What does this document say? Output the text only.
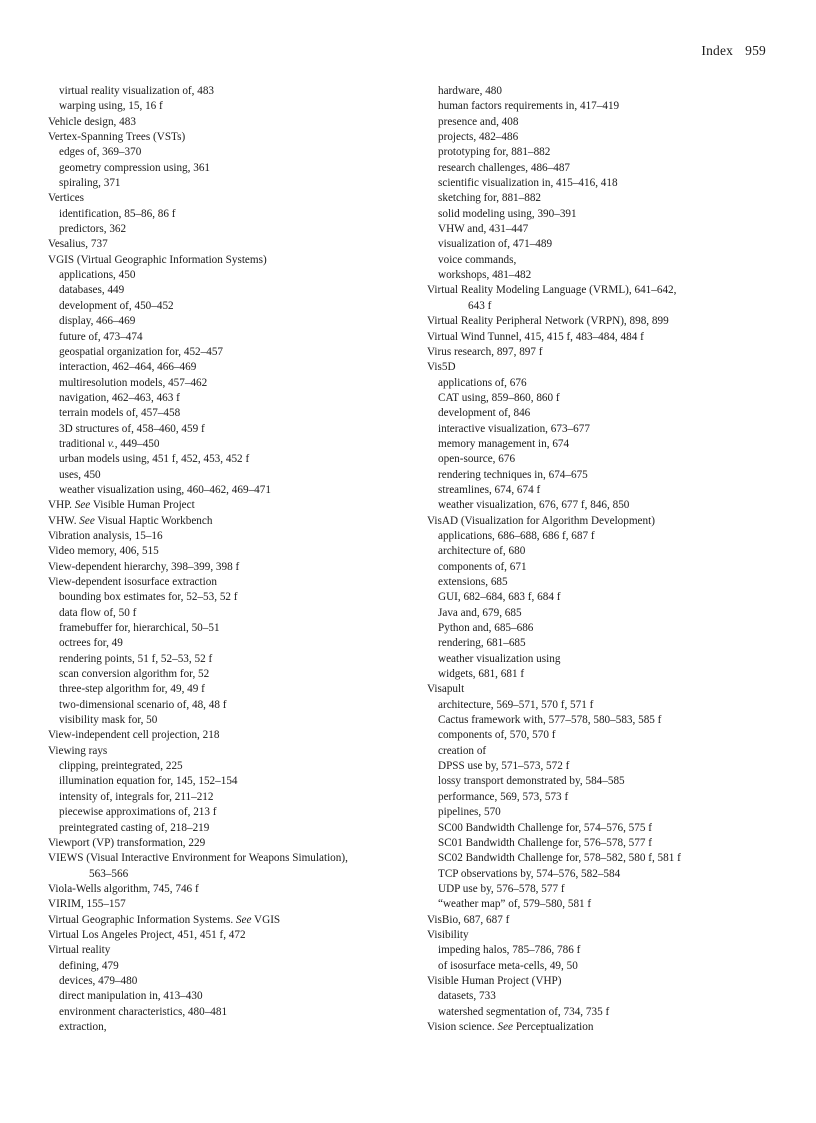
Index 959
virtual reality visualization of, 483
warping using, 15, 16 f
Vehicle design, 483
Vertex-Spanning Trees (VSTs)
edges of, 369–370
geometry compression using, 361
spiraling, 371
Vertices
identification, 85–86, 86 f
predictors, 362
Vesalius, 737
VGIS (Virtual Geographic Information Systems)
applications, 450
databases, 449
development of, 450–452
display, 466–469
future of, 473–474
geospatial organization for, 452–457
interaction, 462–464, 466–469
multiresolution models, 457–462
navigation, 462–463, 463 f
terrain models of, 457–458
3D structures of, 458–460, 459 f
traditional v., 449–450
urban models using, 451 f, 452, 453, 452 f
uses, 450
weather visualization using, 460–462, 469–471
VHP. See Visible Human Project
VHW. See Visual Haptic Workbench
Vibration analysis, 15–16
Video memory, 406, 515
View-dependent hierarchy, 398–399, 398 f
View-dependent isosurface extraction
bounding box estimates for, 52–53, 52 f
data flow of, 50 f
framebuffer for, hierarchical, 50–51
octrees for, 49
rendering points, 51 f, 52–53, 52 f
scan conversion algorithm for, 52
three-step algorithm for, 49, 49 f
two-dimensional scenario of, 48, 48 f
visibility mask for, 50
View-independent cell projection, 218
Viewing rays
clipping, preintegrated, 225
illumination equation for, 145, 152–154
intensity of, integrals for, 211–212
piecewise approximations of, 213 f
preintegrated casting of, 218–219
Viewport (VP) transformation, 229
VIEWS (Visual Interactive Environment for Weapons Simulation),
563–566
Viola-Wells algorithm, 745, 746 f
VIRIM, 155–157
Virtual Geographic Information Systems. See VGIS
Virtual Los Angeles Project, 451, 451 f, 472
Virtual reality
defining, 479
devices, 479–480
direct manipulation in, 413–430
environment characteristics, 480–481
extraction,
hardware, 480
human factors requirements in, 417–419
presence and, 408
projects, 482–486
prototyping for, 881–882
research challenges, 486–487
scientific visualization in, 415–416, 418
sketching for, 881–882
solid modeling using, 390–391
VHW and, 431–447
visualization of, 471–489
voice commands,
workshops, 481–482
Virtual Reality Modeling Language (VRML), 641–642,
643 f
Virtual Reality Peripheral Network (VRPN), 898, 899
Virtual Wind Tunnel, 415, 415 f, 483–484, 484 f
Virus research, 897, 897 f
Vis5D
applications of, 676
CAT using, 859–860, 860 f
development of, 846
interactive visualization, 673–677
memory management in, 674
open-source, 676
rendering techniques in, 674–675
streamlines, 674, 674 f
weather visualization, 676, 677 f, 846, 850
VisAD (Visualization for Algorithm Development)
applications, 686–688, 686 f, 687 f
architecture of, 680
components of, 671
extensions, 685
GUI, 682–684, 683 f, 684 f
Java and, 679, 685
Python and, 685–686
rendering, 681–685
weather visualization using
widgets, 681, 681 f
Visapult
architecture, 569–571, 570 f, 571 f
Cactus framework with, 577–578, 580–583, 585 f
components of, 570, 570 f
creation of
DPSS use by, 571–573, 572 f
lossy transport demonstrated by, 584–585
performance, 569, 573, 573 f
pipelines, 570
SC00 Bandwidth Challenge for, 574–576, 575 f
SC01 Bandwidth Challenge for, 576–578, 577 f
SC02 Bandwidth Challenge for, 578–582, 580 f, 581 f
TCP observations by, 574–576, 582–584
UDP use by, 576–578, 577 f
“weather map” of, 579–580, 581 f
VisBio, 687, 687 f
Visibility
impeding halos, 785–786, 786 f
of isosurface meta-cells, 49, 50
Visible Human Project (VHP)
datasets, 733
watershed segmentation of, 734, 735 f
Vision science. See Perceptualization
